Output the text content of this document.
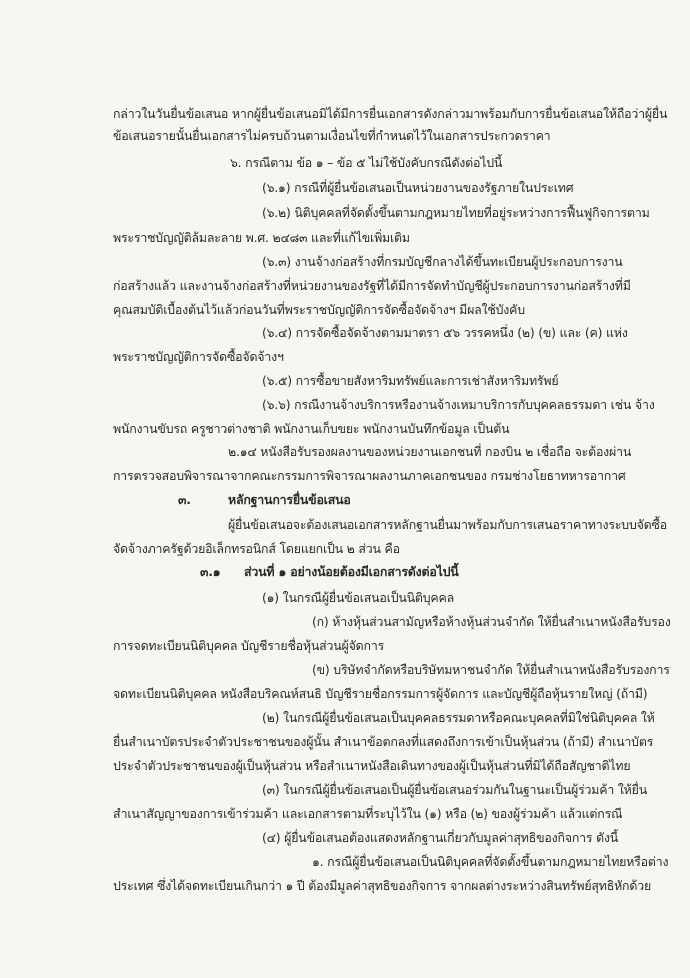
กล่าวในวันยื่นข้อเสนอ หากผู้ยื่นข้อเสนอมิได้มีการยื่นเอกสารดังกล่าวมาพร้อมกับการยื่นข้อเสนอให้ถือว่าผู้ยื่น
ข้อเสนอรายนั้นยื่นเอกสารไม่ครบถ้วนตามเงื่อนไขที่กำหนดไว้ในเอกสารประกวดราคา
๖. กรณีตาม ข้อ ๑ – ข้อ ๕ ไม่ใช้บังคับกรณีดังต่อไปนี้
(๖.๑) กรณีที่ผู้ยื่นข้อเสนอเป็นหน่วยงานของรัฐภายในประเทศ
(๖.๒) นิติบุคคลที่จัดตั้งขึ้นตามกฎหมายไทยที่อยู่ระหว่างการฟื้นฟูกิจการตาม
พระราชบัญญัติล้มละลาย พ.ศ. ๒๔๘๓ และที่แก้ไขเพิ่มเติม
(๖.๓) งานจ้างก่อสร้างที่กรมบัญชีกลางได้ขึ้นทะเบียนผู้ประกอบการงาน
ก่อสร้างแล้ว และงานจ้างก่อสร้างที่หน่วยงานของรัฐที่ได้มีการจัดทำบัญชีผู้ประกอบการงานก่อสร้างที่มี
คุณสมบัติเบื้องต้นไว้แล้วก่อนวันที่พระราชบัญญัติการจัดซื้อจัดจ้างฯ มีผลใช้บังคับ
(๖.๔) การจัดซื้อจัดจ้างตามมาตรา ๕๖ วรรคหนึ่ง (๒) (ข) และ (ค) แห่ง
พระราชบัญญัติการจัดซื้อจัดจ้างฯ
(๖.๕) การซื้อขายสังหาริมทรัพย์และการเช่าสังหาริมทรัพย์
(๖.๖) กรณีงานจ้างบริการหรืองานจ้างเหมาบริการกับบุคคลธรรมดา เช่น จ้าง
พนักงานขับรถ ครูชาวต่างชาติ พนักงานเก็บขยะ พนักงานบันทึกข้อมูล เป็นต้น
๒.๑๔ หนังสือรับรองผลงานของหน่วยงานเอกชนที่ กองบิน ๒ เชื่อถือ จะต้องผ่าน
การตรวจสอบพิจารณาจากคณะกรรมการพิจารณาผลงานภาคเอกชนของ กรมช่างโยธาทหารอากาศ
๓.	หลักฐานการยื่นข้อเสนอ
ผู้ยื่นข้อเสนอจะต้องเสนอเอกสารหลักฐานยื่นมาพร้อมกับการเสนอราคาทางระบบจัดซื้อ
จัดจ้างภาครัฐด้วยอิเล็กทรอนิกส์ โดยแยกเป็น ๒ ส่วน คือ
๓.๑ ส่วนที่ ๑ อย่างน้อยต้องมีเอกสารดังต่อไปนี้
(๑) ในกรณีผู้ยื่นข้อเสนอเป็นนิติบุคคล
(ก) ห้างหุ้นส่วนสามัญหรือห้างหุ้นส่วนจำกัด ให้ยื่นสำเนาหนังสือรับรอง
การจดทะเบียนนิติบุคคล บัญชีรายชื่อหุ้นส่วนผู้จัดการ
(ข) บริษัทจำกัดหรือบริษัทมหาชนจำกัด ให้ยื่นสำเนาหนังสือรับรองการ
จดทะเบียนนิติบุคคล หนังสือบริคณห์สนธิ บัญชีรายชื่อกรรมการผู้จัดการ และบัญชีผู้ถือหุ้นรายใหญ่ (ถ้ามี)
(๒) ในกรณีผู้ยื่นข้อเสนอเป็นบุคคลธรรมดาหรือคณะบุคคลที่มิใช่นิติบุคคล ให้
ยื่นสำเนาบัตรประจำตัวประชาชนของผู้นั้น สำเนาข้อตกลงที่แสดงถึงการเข้าเป็นหุ้นส่วน (ถ้ามี) สำเนาบัตร
ประจำตัวประชาชนของผู้เป็นหุ้นส่วน หรือสำเนาหนังสือเดินทางของผู้เป็นหุ้นส่วนที่มิได้ถือสัญชาติไทย
(๓) ในกรณีผู้ยื่นข้อเสนอเป็นผู้ยื่นข้อเสนอร่วมกันในฐานะเป็นผู้ร่วมค้า ให้ยื่น
สำเนาสัญญาของการเข้าร่วมค้า และเอกสารตามที่ระบุไว้ใน (๑) หรือ (๒) ของผู้ร่วมค้า แล้วแต่กรณี
(๔) ผู้ยื่นข้อเสนอต้องแสดงหลักฐานเกี่ยวกับมูลค่าสุทธิของกิจการ ดังนี้
๑. กรณีผู้ยื่นข้อเสนอเป็นนิติบุคคลที่จัดตั้งขึ้นตามกฎหมายไทยหรือต่าง
ประเทศ ซึ่งได้จดทะเบียนเกินกว่า ๑ ปี ต้องมีมูลค่าสุทธิของกิจการ จากผลต่างระหว่างสินทรัพย์สุทธิหักด้วย
